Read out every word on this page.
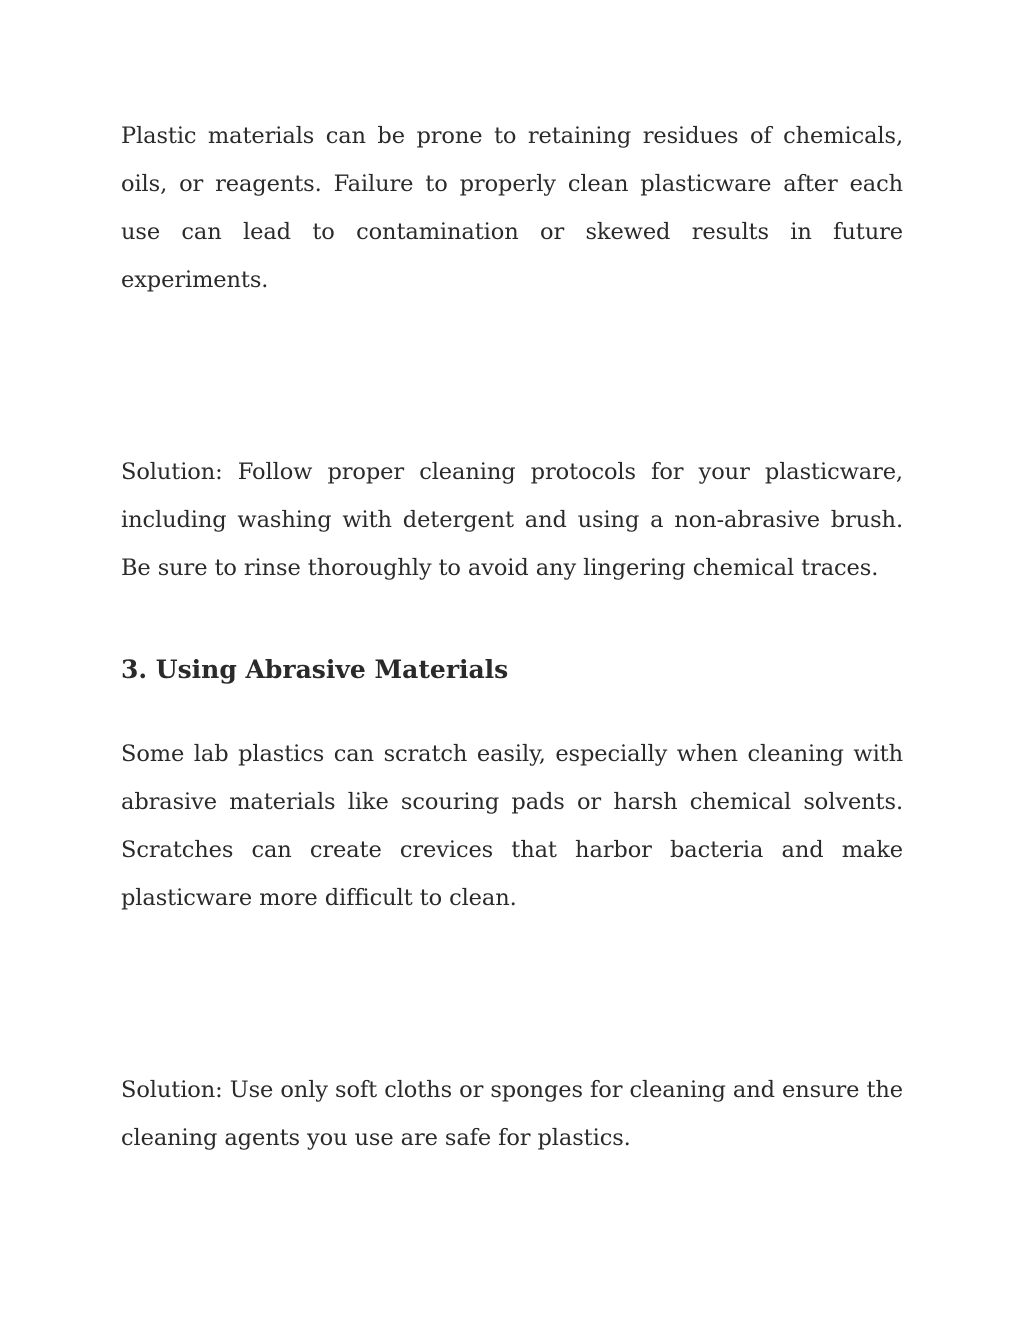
Plastic materials can be prone to retaining residues of chemicals, oils, or reagents. Failure to properly clean plasticware after each use can lead to contamination or skewed results in future experiments.

Solution: Follow proper cleaning protocols for your plasticware, including washing with detergent and using a non-abrasive brush. Be sure to rinse thoroughly to avoid any lingering chemical traces.

3. Using Abrasive Materials

Some lab plastics can scratch easily, especially when cleaning with abrasive materials like scouring pads or harsh chemical solvents. Scratches can create crevices that harbor bacteria and make plasticware more difficult to clean.

Solution: Use only soft cloths or sponges for cleaning and ensure the cleaning agents you use are safe for plastics.
